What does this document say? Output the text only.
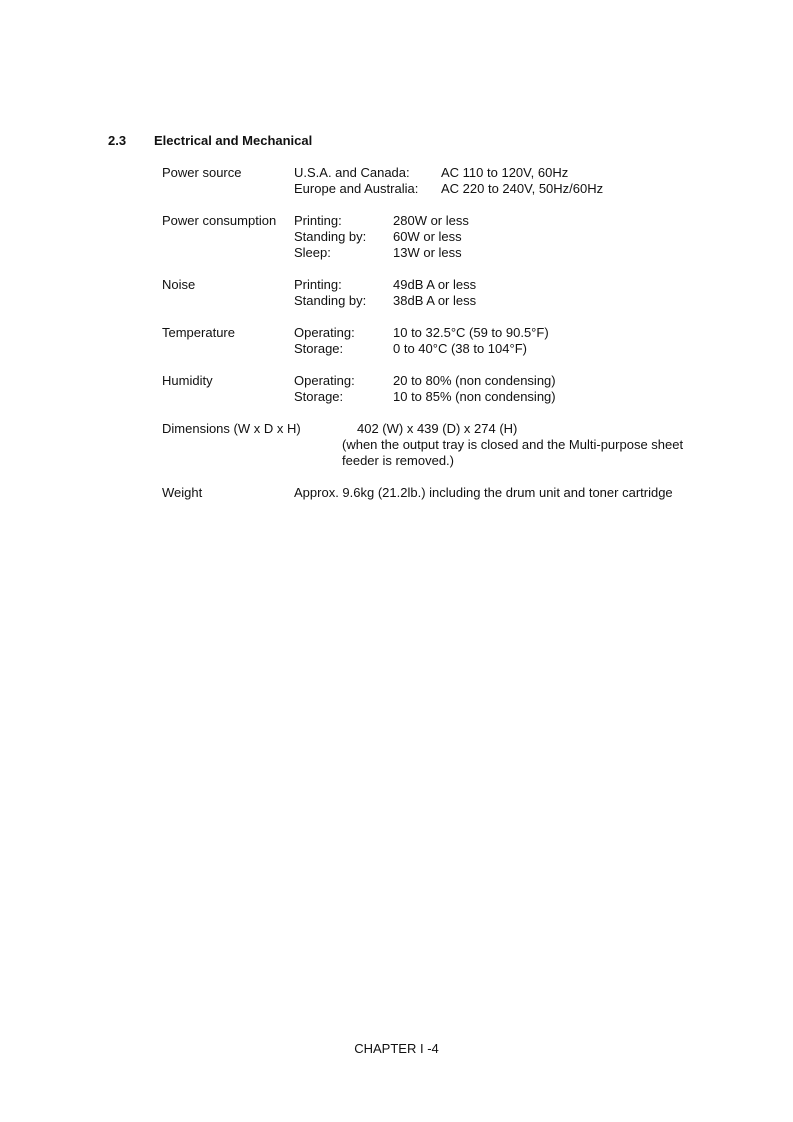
2.3 Electrical and Mechanical
Power source	U.S.A. and Canada: AC 110 to 120V, 60Hz
Europe and Australia: AC 220 to 240V, 50Hz/60Hz
Power consumption Printing:	280W or less
Standing by: 60W or less
Sleep:	13W or less
Noise	Printing:	49dB A or less
Standing by: 38dB A or less
Temperature	Operating:	10 to 32.5°C (59 to 90.5°F)
Storage:	0 to 40°C (38 to 104°F)
Humidity	Operating:	20 to 80% (non condensing)
Storage:	10 to 85% (non condensing)
Dimensions (W x D x H)	402 (W) x 439 (D) x 274 (H)
(when the output tray is closed and the Multi-purpose sheet
feeder is removed.)
Weight	Approx. 9.6kg (21.2lb.) including the drum unit and toner cartridge
CHAPTER I -4
